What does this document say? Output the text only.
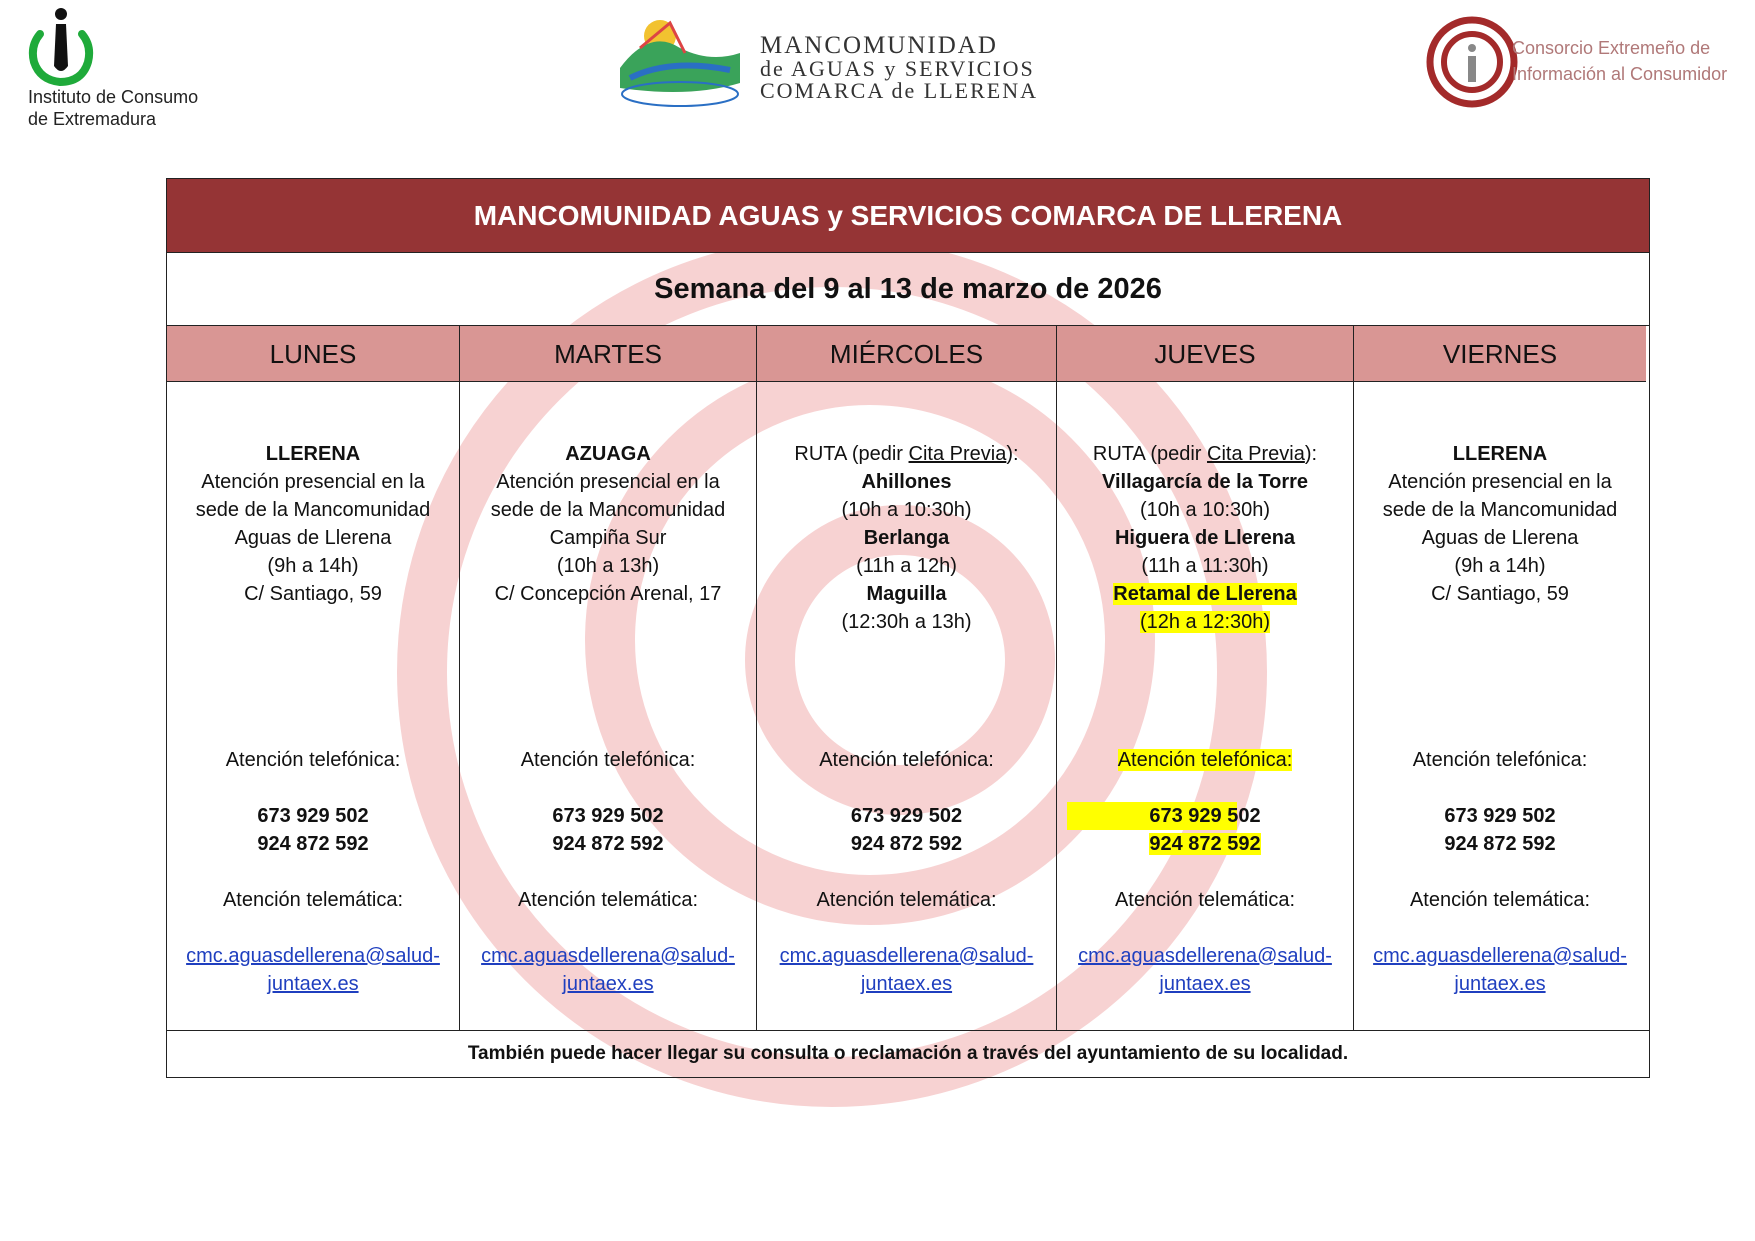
Instituto de Consumo
de Extremadura
MANCOMUNIDAD
de AGUAS y SERVICIOS
COMARCA de LLERENA
Consorcio Extremeño de
Información al Consumidor
MANCOMUNIDAD AGUAS y SERVICIOS COMARCA DE LLERENA
Semana del 9 al 13 de marzo de 2026
LUNES
LLERENA
Atención presencial en la
sede de la Mancomunidad
Aguas de Llerena
(9h a 14h)
C/ Santiago, 59
Atención telefónica:
673 929 502
924 872 592
Atención telemática:
cmc.aguasdellerena@salud-
juntaex.es
MARTES
AZUAGA
Atención presencial en la
sede de la Mancomunidad
Campiña Sur
(10h a 13h)
C/ Concepción Arenal, 17
Atención telefónica:
673 929 502
924 872 592
Atención telemática:
cmc.aguasdellerena@salud-
juntaex.es
MIÉRCOLES
RUTA (pedir Cita Previa):
Ahillones
(10h a 10:30h)
Berlanga
(11h a 12h)
Maguilla
(12:30h a 13h)
Atención telefónica:
673 929 502
924 872 592
Atención telemática:
cmc.aguasdellerena@salud-
juntaex.es
JUEVES
RUTA (pedir Cita Previa):
Villagarcía de la Torre
(10h a 10:30h)
Higuera de Llerena
(11h a 11:30h)
Retamal de Llerena
(12h a 12:30h)
Atención telefónica:
673 929 502
924 872 592
Atención telemática:
cmc.aguasdellerena@salud-
juntaex.es
VIERNES
LLERENA
Atención presencial en la
sede de la Mancomunidad
Aguas de Llerena
(9h a 14h)
C/ Santiago, 59
Atención telefónica:
673 929 502
924 872 592
Atención telemática:
cmc.aguasdellerena@salud-
juntaex.es
También puede hacer llegar su consulta o reclamación a través del ayuntamiento de su localidad.
